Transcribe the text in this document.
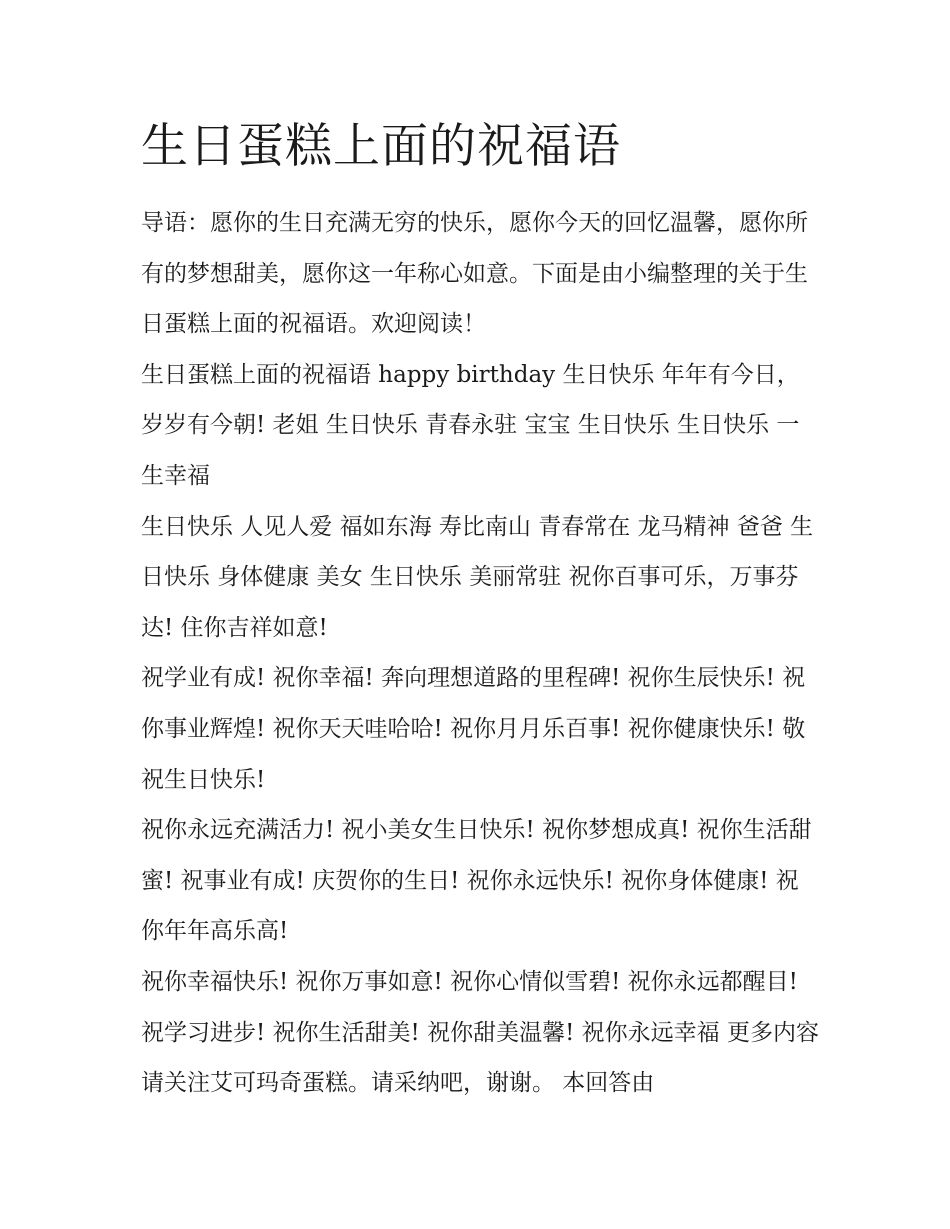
生日蛋糕上面的祝福语

导语：愿你的生日充满无穷的快乐，愿你今天的回忆温馨，愿你所有的梦想甜美，愿你这一年称心如意。下面是由小编整理的关于生日蛋糕上面的祝福语。欢迎阅读！

生日蛋糕上面的祝福语 happy birthday 生日快乐 年年有今日，岁岁有今朝! 老姐 生日快乐 青春永驻 宝宝 生日快乐 生日快乐 一生幸福

生日快乐 人见人爱 福如东海 寿比南山 青春常在 龙马精神 爸爸 生日快乐 身体健康 美女 生日快乐 美丽常驻 祝你百事可乐，万事芬达! 住你吉祥如意!

祝学业有成! 祝你幸福! 奔向理想道路的里程碑! 祝你生辰快乐! 祝你事业辉煌! 祝你天天哇哈哈! 祝你月月乐百事! 祝你健康快乐! 敬祝生日快乐!

祝你永远充满活力! 祝小美女生日快乐! 祝你梦想成真! 祝你生活甜蜜! 祝事业有成! 庆贺你的生日! 祝你永远快乐! 祝你身体健康! 祝你年年高乐高!

祝你幸福快乐! 祝你万事如意! 祝你心情似雪碧! 祝你永远都醒目! 祝学习进步! 祝你生活甜美! 祝你甜美温馨! 祝你永远幸福 更多内容请关注艾可玛奇蛋糕。请采纳吧，谢谢。 本回答由
